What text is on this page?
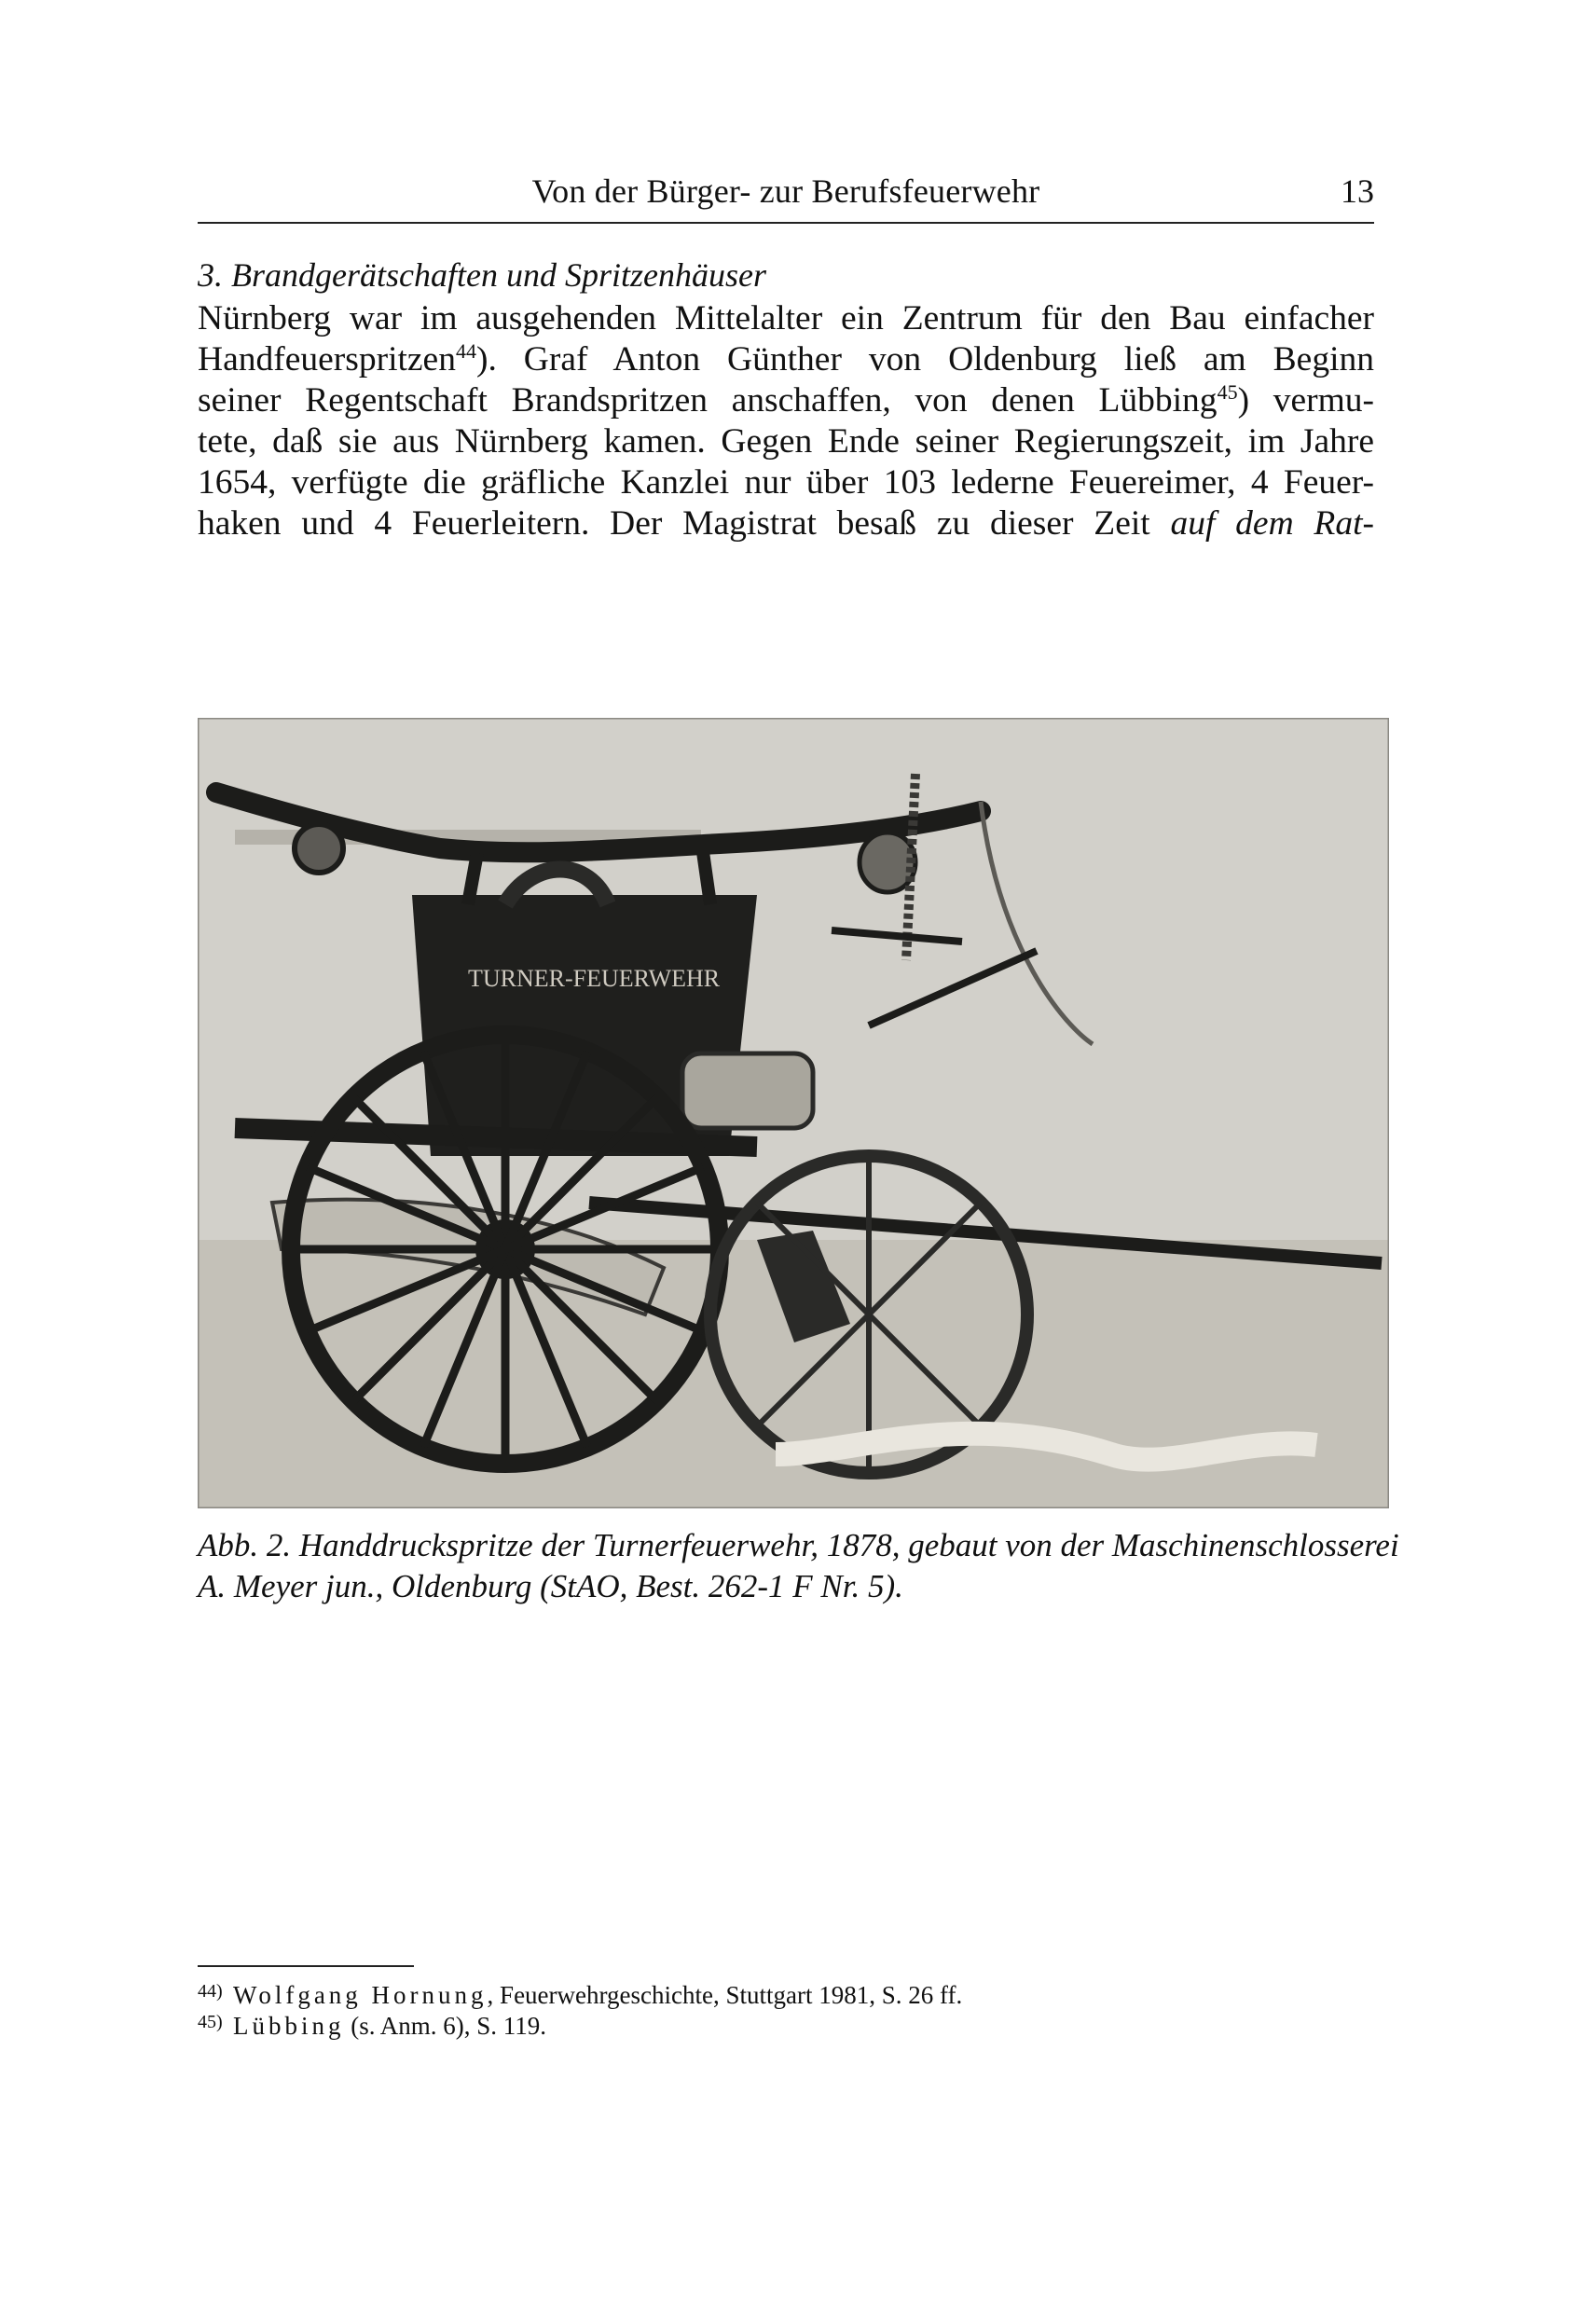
Von der Bürger- zur Berufsfeuerwehr	13
3. Brandgerätschaften und Spritzenhäuser
Nürnberg war im ausgehenden Mittelalter ein Zentrum für den Bau einfacher
Handfeuerspritzen$^{44}$). Graf Anton Günther von Oldenburg ließ am Beginn
seiner Regentschaft Brandspritzen anschaffen, von denen Lübbing$^{45}$) vermu-
tete, daß sie aus Nürnberg kamen. Gegen Ende seiner Regierungszeit, im Jahre
1654, verfügte die gräfliche Kanzlei nur über 103 lederne Feuereimer, 4 Feuer-
haken und 4 Feuerleitern. Der Magistrat besaß zu dieser Zeit auf dem Rat-
TURNER-FEUERWEHR
Abb. 2. Handdruckspritze der Turnerfeuerwehr, 1878, gebaut von der Maschinenschlosserei
A. Meyer jun., Oldenburg (StAO, Best. 262-1 F Nr. 5).
44) Wolfgang Hornung, Feuerwehrgeschichte, Stuttgart 1981, S. 26 ff.
45) Lübbing (s. Anm. 6), S. 119.
